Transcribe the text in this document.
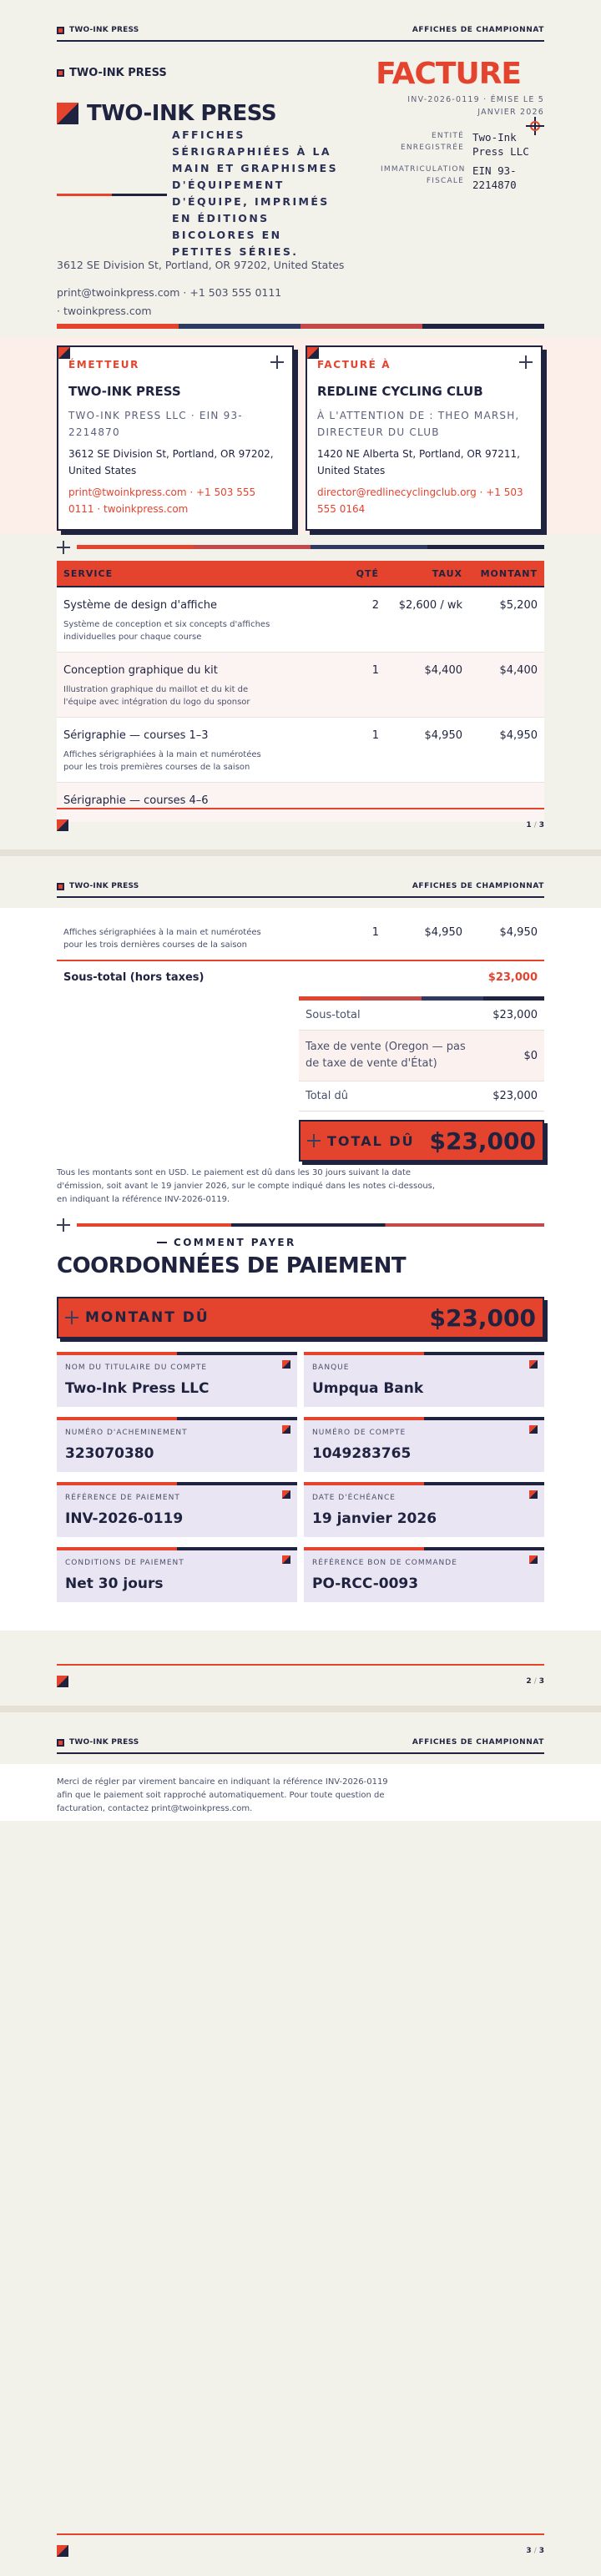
TWO-INK PRESS	AFFICHES DE CHAMPIONNAT
TWO-INK PRESS
TWO-INK PRESS
AFFICHES SÉRIGRAPHIÉES À LA MAIN ET GRAPHISMES D'ÉQUIPEMENT D'ÉQUIPE, IMPRIMÉS EN ÉDITIONS BICOLORES EN PETITES SÉRIES.
3612 SE Division St, Portland, OR 97202, United States
print@twoinkpress.com · +1 503 555 0111
· twoinkpress.com
FACTURE
INV-2026-0119 · ÉMISE LE 5 JANVIER 2026
ENTITÉ ENREGISTRÉE
Two-Ink Press LLC
IMMATRICULATION FISCALE
EIN 93-2214870
ÉMETTEUR
TWO-INK PRESS
TWO-INK PRESS LLC · EIN 93-2214870
3612 SE Division St, Portland, OR 97202, United States
print@twoinkpress.com · +1 503 555 0111 · twoinkpress.com
FACTURÉ À
REDLINE CYCLING CLUB
À L'ATTENTION DE : THEO MARSH, DIRECTEUR DU CLUB
1420 NE Alberta St, Portland, OR 97211, United States
director@redlinecyclingclub.org · +1 503 555 0164
SERVICE	QTÉ	TAUX	MONTANT
Système de design d'affiche
Système de conception et six concepts d'affiches individuelles pour chaque course
2	$2,600 / wk	$5,200
Conception graphique du kit
Illustration graphique du maillot et du kit de l'équipe avec intégration du logo du sponsor
1	$4,400	$4,400
Sérigraphie — courses 1–3
Affiches sérigraphiées à la main et numérotées pour les trois premières courses de la saison
1	$4,950	$4,950
Sérigraphie — courses 4–6
1 / 3
TWO-INK PRESS	AFFICHES DE CHAMPIONNAT
Affiches sérigraphiées à la main et numérotées pour les trois dernières courses de la saison
1	$4,950	$4,950
Sous-total (hors taxes)	$23,000
Sous-total	$23,000
Taxe de vente (Oregon — pas de taxe de vente d'État)
$0
Total dû	$23,000
TOTAL DÛ $23,000
Tous les montants sont en USD. Le paiement est dû dans les 30 jours suivant la date d'émission, soit avant le 19 janvier 2026, sur le compte indiqué dans les notes ci-dessous, en indiquant la référence INV-2026-0119.
COMMENT PAYER
COORDONNÉES DE PAIEMENT
MONTANT DÛ	$23,000
NOM DU TITULAIRE DU COMPTE
Two-Ink Press LLC
BANQUE
Umpqua Bank
NUMÉRO D'ACHEMINEMENT
323070380
NUMÉRO DE COMPTE
1049283765
RÉFÉRENCE DE PAIEMENT
INV-2026-0119
DATE D'ÉCHÉANCE
19 janvier 2026
CONDITIONS DE PAIEMENT
Net 30 jours
RÉFÉRENCE BON DE COMMANDE
PO-RCC-0093
2 / 3
TWO-INK PRESS	AFFICHES DE CHAMPIONNAT
Merci de régler par virement bancaire en indiquant la référence INV-2026-0119 afin que le paiement soit rapproché automatiquement. Pour toute question de facturation, contactez print@twoinkpress.com.
3 / 3
